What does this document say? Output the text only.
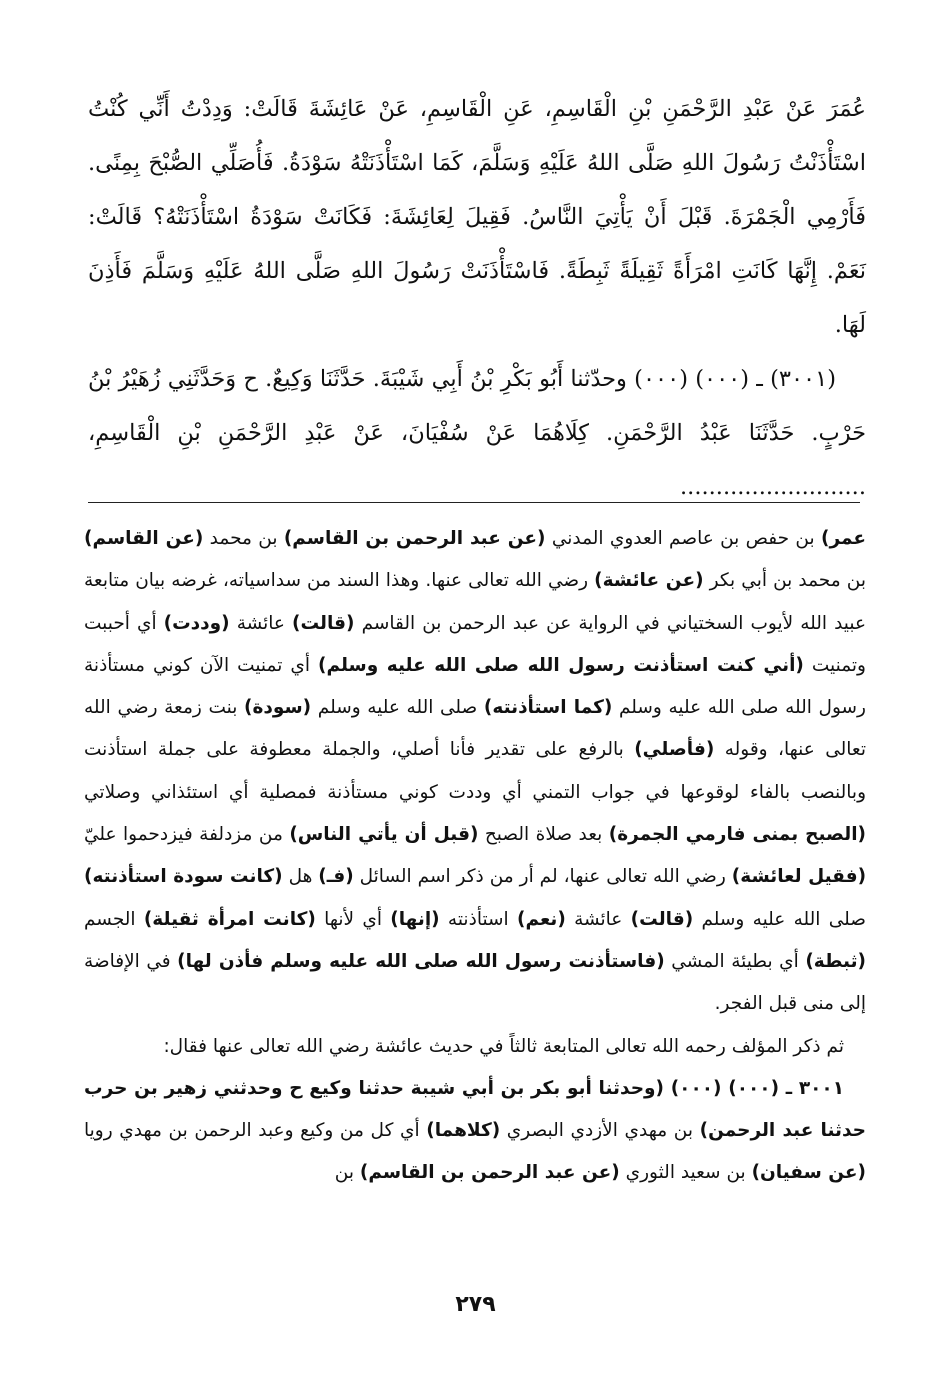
عُمَرَ عَنْ عَبْدِ الرَّحْمَنِ بْنِ الْقَاسِمِ، عَنِ الْقَاسِمِ، عَنْ عَائِشَةَ قَالَتْ: وَدِدْتُ أَنِّي كُنْتُ اسْتَأْذَنْتُ رَسُولَ اللهِ صَلَّى اللهُ عَلَيْهِ وَسَلَّمَ، كَمَا اسْتَأْذَنَتْهُ سَوْدَةُ. فَأُصَلِّي الصُّبْحَ بِمِنًى. فَأَرْمِي الْجَمْرَةَ. قَبْلَ أَنْ يَأْتِيَ النَّاسُ. فَقِيلَ لِعَائِشَةَ: فَكَانَتْ سَوْدَةُ اسْتَأْذَنَتْهُ؟ قَالَتْ: نَعَمْ. إِنَّهَا كَانَتِ امْرَأَةً ثَقِيلَةً ثَبِطَةً. فَاسْتَأْذَنَتْ رَسُولَ اللهِ صَلَّى اللهُ عَلَيْهِ وَسَلَّمَ فَأَذِنَ لَهَا.

(٣٠٠١) ـ (٠٠٠) (٠٠٠) وحدّثنا أَبُو بَكْرِ بْنُ أَبِي شَيْبَةَ. حَدَّثَنَا وَكِيعٌ. ح وَحَدَّثَنِي زُهَيْرُ بْنُ حَرْبٍ. حَدَّثَنَا عَبْدُ الرَّحْمَنِ. كِلَاهُمَا عَنْ سُفْيَانَ، عَنْ عَبْدِ الرَّحْمَنِ بْنِ الْقَاسِمِ، ..........................

عمر) بن حفص بن عاصم العدوي المدني (عن عبد الرحمن بن القاسم) بن محمد (عن القاسم) بن محمد بن أبي بكر (عن عائشة) رضي الله تعالى عنها. وهذا السند من سداسياته، غرضه بيان متابعة عبيد الله لأيوب السختياني في الرواية عن عبد الرحمن بن القاسم (قالت) عائشة (وددت) أي أحببت وتمنيت (أني كنت استأذنت رسول الله صلى الله عليه وسلم) أي تمنيت الآن كوني مستأذنة رسول الله صلى الله عليه وسلم (كما استأذنته) صلى الله عليه وسلم (سودة) بنت زمعة رضي الله تعالى عنها، وقوله (فأصلي) بالرفع على تقدير فأنا أصلي، والجملة معطوفة على جملة استأذنت وبالنصب بالفاء لوقوعها في جواب التمني أي وددت كوني مستأذنة فمصلية أي استئذاني وصلاتي (الصبح بمنى فارمي الجمرة) بعد صلاة الصبح (قبل أن يأتي الناس) من مزدلفة فيزدحموا عليّ (فقيل لعائشة) رضي الله تعالى عنها، لم أر من ذكر اسم السائل (فـ) هل (كانت سودة استأذنته) صلى الله عليه وسلم (قالت) عائشة (نعم) استأذنته (إنها) أي لأنها (كانت امرأة ثقيلة) الجسم (ثبطة) أي بطيئة المشي (فاستأذنت رسول الله صلى الله عليه وسلم فأذن لها) في الإفاضة إلى منى قبل الفجر.

ثم ذكر المؤلف رحمه الله تعالى المتابعة ثالثاً في حديث عائشة رضي الله تعالى عنها فقال:

٣٠٠١ ـ (٠٠٠) (٠٠٠) (وحدثنا أبو بكر بن أبي شيبة حدثنا وكيع ح وحدثني زهير بن حرب حدثنا عبد الرحمن) بن مهدي الأزدي البصري (كلاهما) أي كل من وكيع وعبد الرحمن بن مهدي رويا (عن سفيان) بن سعيد الثوري (عن عبد الرحمن بن القاسم) بن

٢٧٩
